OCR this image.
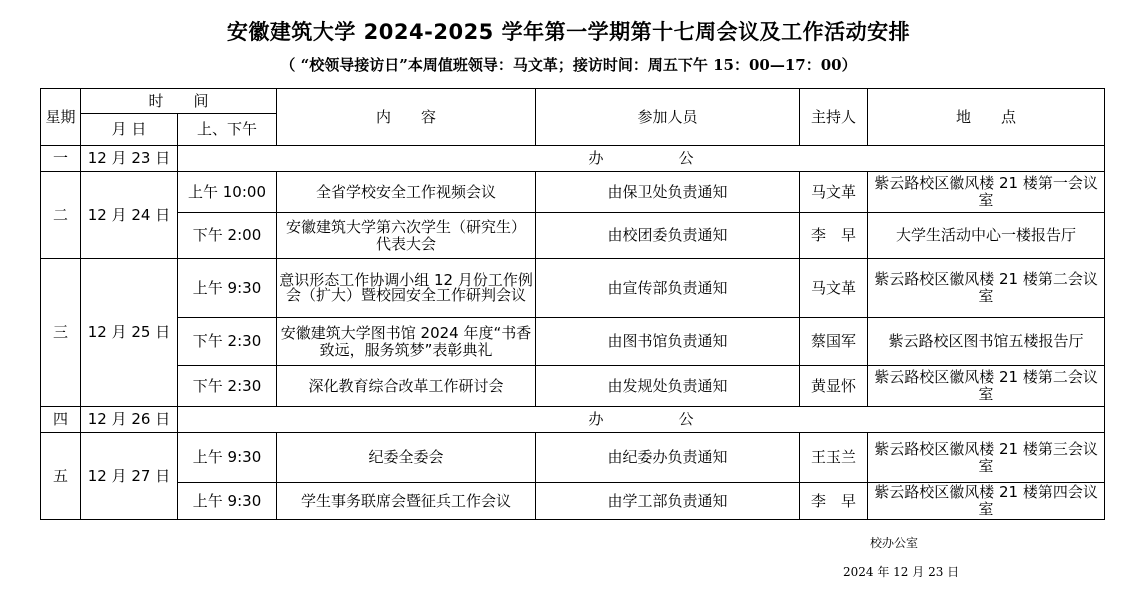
安徽建筑大学 2024-2025 学年第一学期第十七周会议及工作活动安排
（ “校领导接访日”本周值班领导：马文革；接访时间：周五下午 15：00—17：00）
星期	时　　间		内　　容	参加人员	主持人	地　　点
	月 日	上、下午				
一	12 月 23 日	办　　　　　公				
二	12 月 24 日	上午 10:00	全省学校安全工作视频会议	由保卫处负责通知	马文革	紫云路校区徽风楼 21 楼第一会议室
		下午 2:00	安徽建筑大学第六次学生（研究生）代表大会	由校团委负责通知	李　早	大学生活动中心一楼报告厅
三	12 月 25 日	上午 9:30	意识形态工作协调小组 12 月份工作例会（扩大）暨校园安全工作研判会议	由宣传部负责通知	马文革	紫云路校区徽风楼 21 楼第二会议室
		下午 2:30	安徽建筑大学图书馆 2024 年度“书香致远，服务筑梦”表彰典礼	由图书馆负责通知	蔡国军	紫云路校区图书馆五楼报告厅
		下午 2:30	深化教育综合改革工作研讨会	由发规处负责通知	黄显怀	紫云路校区徽风楼 21 楼第二会议室
四	12 月 26 日	办　　　　　公				
五	12 月 27 日	上午 9:30	纪委全委会	由纪委办负责通知	王玉兰	紫云路校区徽风楼 21 楼第三会议室
		上午 9:30	学生事务联席会暨征兵工作会议	由学工部负责通知	李　早	紫云路校区徽风楼 21 楼第四会议室
校办公室
2024 年 12 月 23 日
